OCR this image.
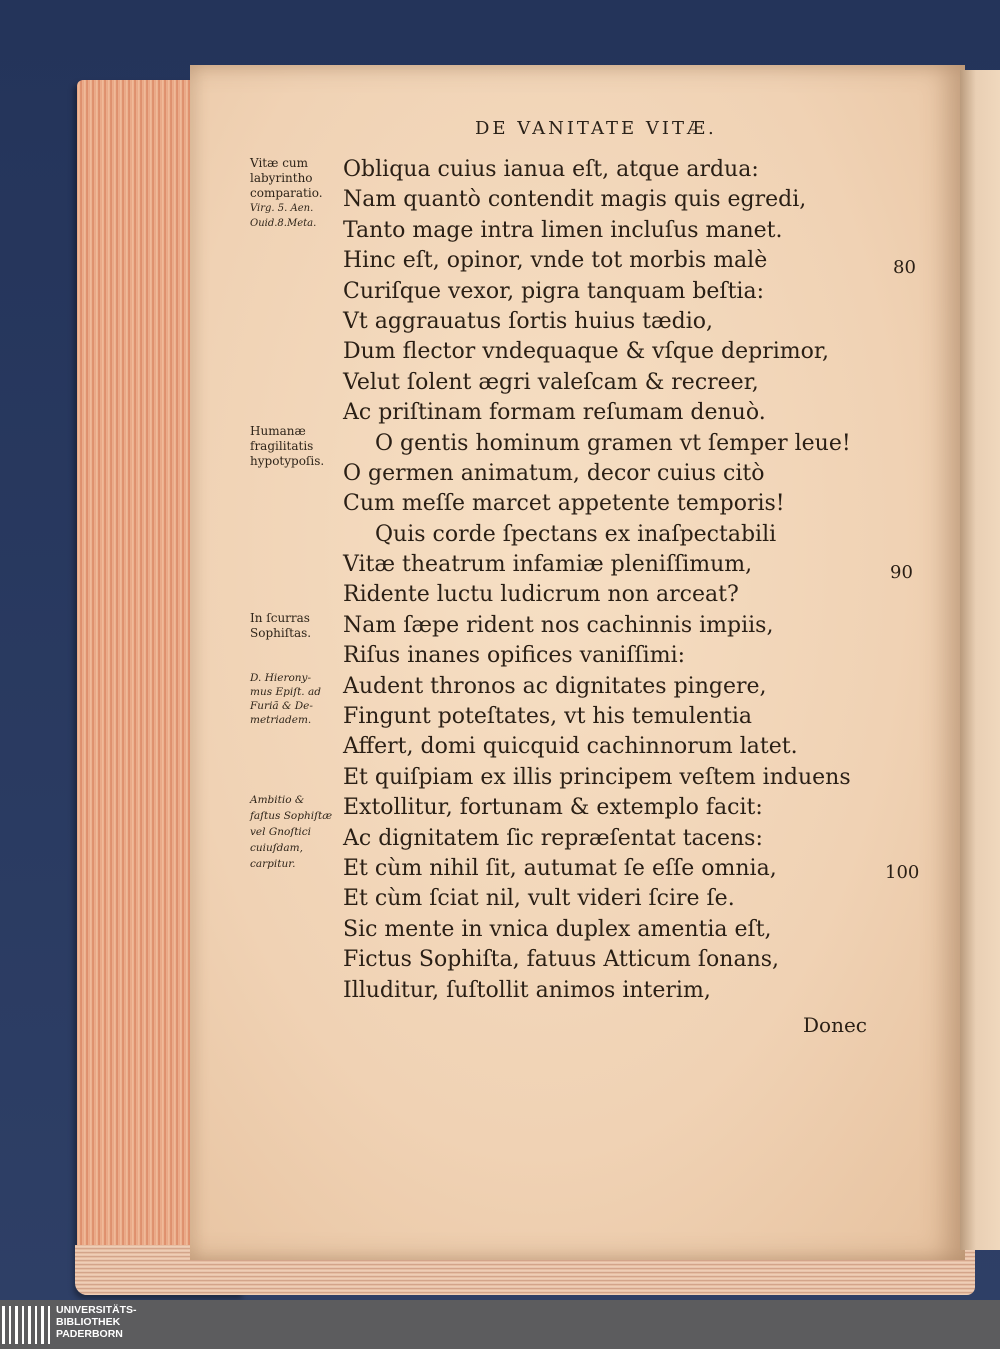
DE VANITATE VITÆ.
Obliqua cuius ianua eſt, atque ardua:
Nam quantò contendit magis quis egredi,
Tanto mage intra limen incluſus manet.
Hinc eſt, opinor, vnde tot morbis malè
Curiſque vexor, pigra tanquam beſtia:
Vt aggrauatus ſortis huius tædio,
Dum flector vndequaque & vſque deprimor,
Velut ſolent ægri valeſcam & recreer,
Ac priſtinam formam reſumam denuò.
O gentis hominum gramen vt ſemper leue!
O germen animatum, decor cuius citò
Cum meſſe marcet appetente temporis!
Quis corde ſpectans ex inaſpectabili
Vitæ theatrum infamiæ pleniſſimum,
Ridente luctu ludicrum non arceat?
Nam ſæpe rident nos cachinnis impiis,
Riſus inanes opifices vaniſſimi:
Audent thronos ac dignitates pingere,
Fingunt poteſtates, vt his temulentia
Affert, domi quicquid cachinnorum latet.
Et quiſpiam ex illis principem veſtem induens
Extollitur, fortunam & extemplo facit:
Ac dignitatem ſic repræſentat tacens:
Et cùm nihil ſit, autumat ſe eſſe omnia,
Et cùm ſciat nil, vult videri ſcire ſe.
Sic mente in vnica duplex amentia eſt,
Fictus Sophiſta, fatuus Atticum ſonans,
Illuditur, ſuſtollit animos interim,
80
90
100
Vitæ cum
labyrintho
comparatio.
Virg. 5. Aen.
Ouid.8.Meta.
Humanæ
fragilitatis
hypotypoſis.
In ſcurras
Sophiſtas.
D. Hierony-
mus Epiſt. ad
Furiã & De-
metriadem.
Ambitio &
faſtus Sophiſtæ
vel Gnoſtici
cuiuſdam,
carpitur.
Donec
UNIVERSITÄTS-
BIBLIOTHEK
PADERBORN
